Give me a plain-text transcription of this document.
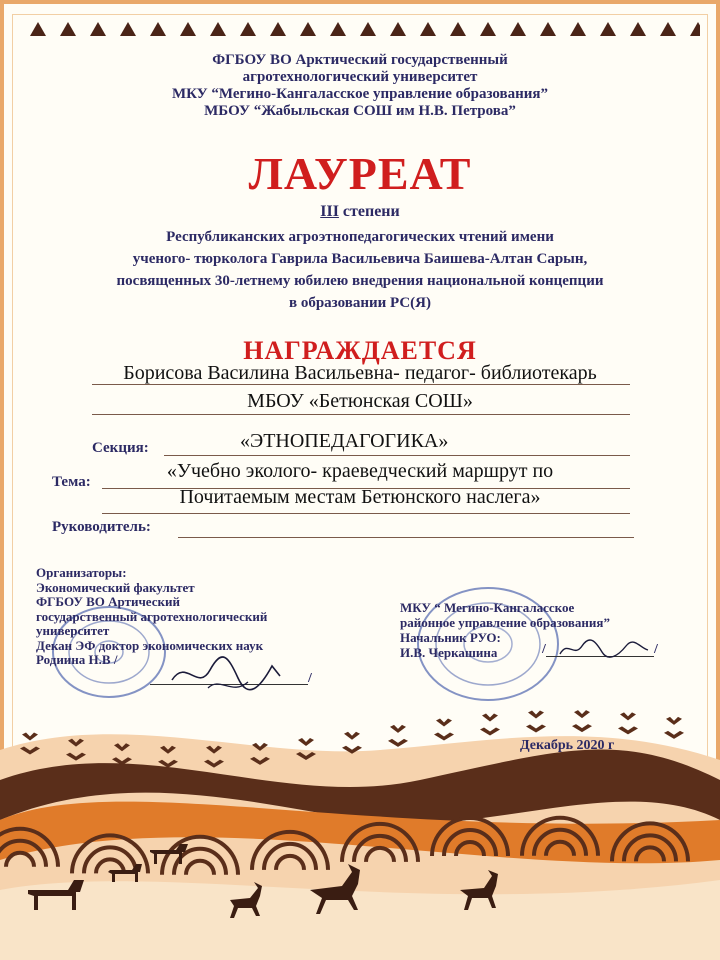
ФГБОУ ВО Арктический государственный
агротехнологический университет
МКУ “Мегино-Кангаласское управление образования”
МБОУ “Жабыльская СОШ им Н.В. Петрова”
ЛАУРЕАТ
III степени
Республиканских агроэтнопедагогических чтений имени
ученого- тюрколога Гаврила Васильевича Баишева-Алтан Сарын,
посвященных 30-летнему юбилею внедрения национальной концепции
в образовании РС(Я)
НАГРАЖДАЕТСЯ
Борисова Василина Васильевна- педагог- библиотекарь
МБОУ «Бетюнская СОШ»
Секция:	«ЭТНОПЕДАГОГИКА»
Тема:	«Учебно эколого- краеведческий маршрут по
Почитаемым местам Бетюнского наслега»
Руководитель:
Организаторы:
Экономический факультет
ФГБОУ ВО Артический
государственный агротехнологический
университет
Декан ЭФ доктор экономических наук
Родиина Н.В /
/
МКУ “ Мегино-Кангаласское
районное управление образования”
Начальник РУО:
И.В. Черкашина	/	/
Декабрь 2020 г
